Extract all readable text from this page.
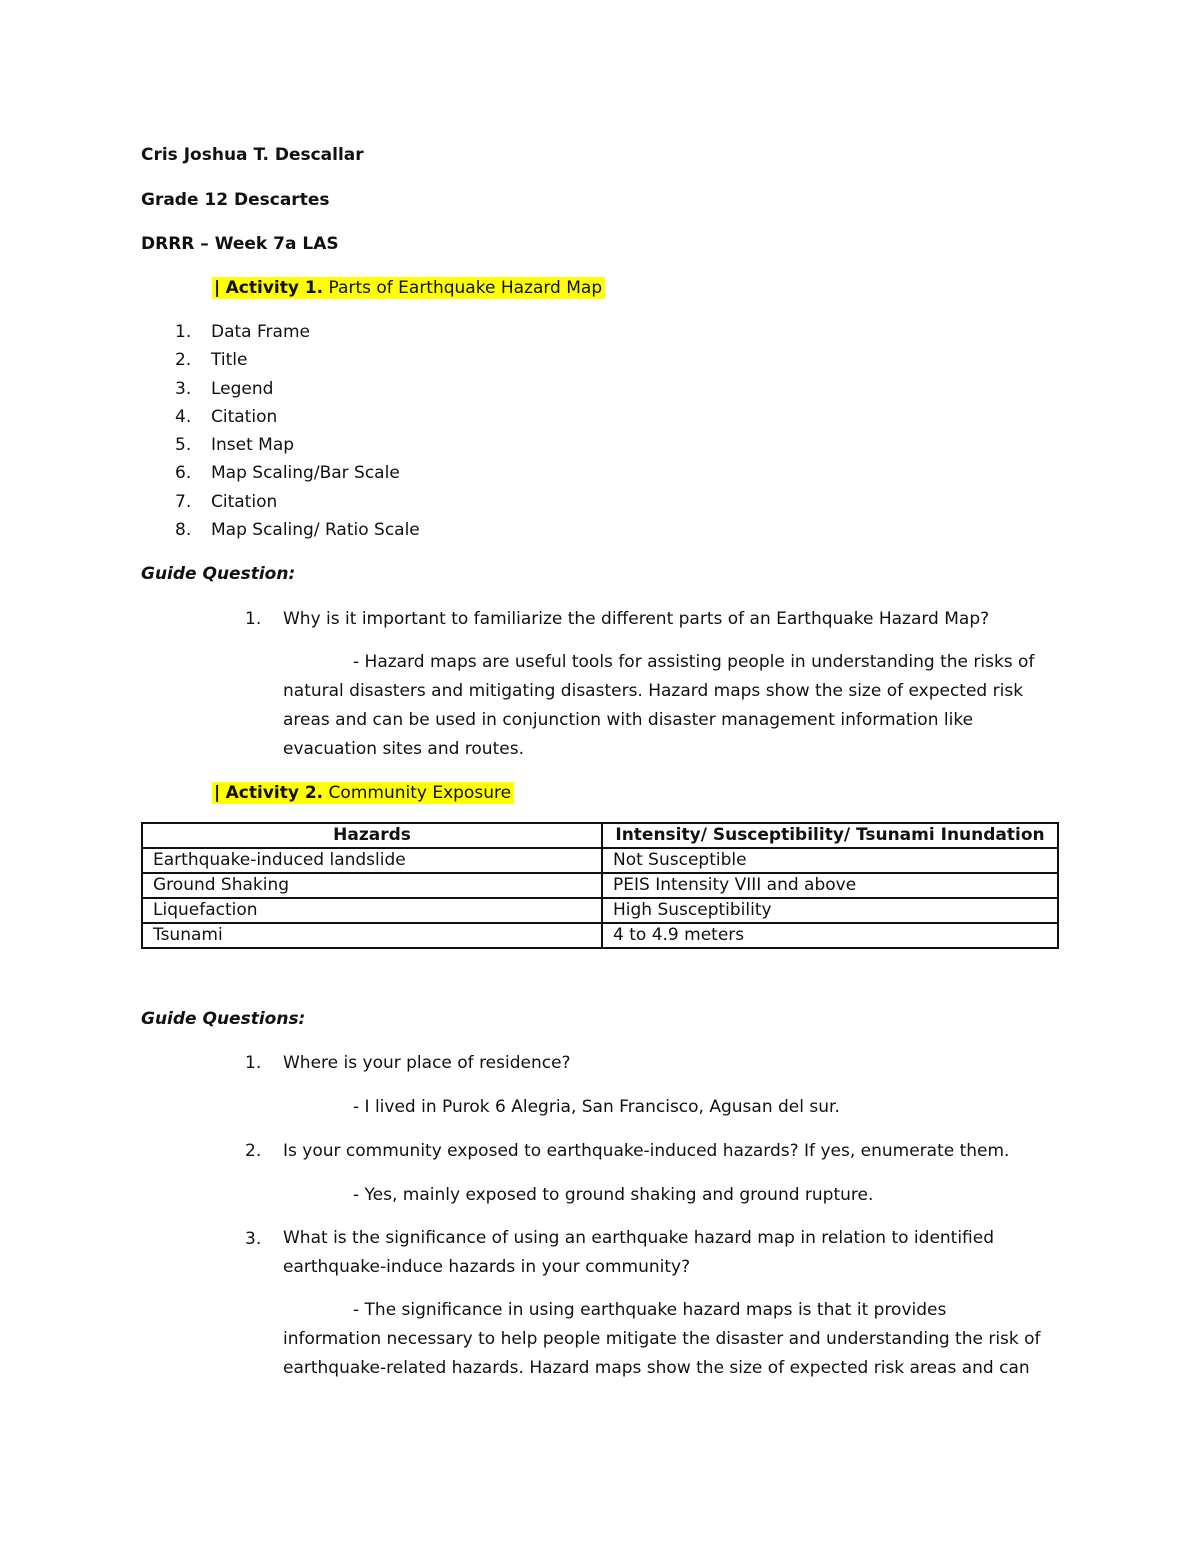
Cris Joshua T. Descallar
Grade 12 Descartes
DRRR – Week 7a LAS
| Activity 1. Parts of Earthquake Hazard Map
1.	Data Frame
2.	Title
3.	Legend
4.	Citation
5.	Inset Map
6.	Map Scaling/Bar Scale
7.	Citation
8.	Map Scaling/ Ratio Scale
Guide Question:
1. Why is it important to familiarize the different parts of an Earthquake Hazard Map?
- Hazard maps are useful tools for assisting people in understanding the risks of
natural disasters and mitigating disasters. Hazard maps show the size of expected risk
areas and can be used in conjunction with disaster management information like
evacuation sites and routes.
| Activity 2. Community Exposure
Hazards	Intensity/ Susceptibility/ Tsunami Inundation
Earthquake-induced landslide	Not Susceptible
Ground Shaking	PEIS Intensity VIII and above
Liquefaction	High Susceptibility
Tsunami	4 to 4.9 meters
Guide Questions:
1. Where is your place of residence?
- I lived in Purok 6 Alegria, San Francisco, Agusan del sur.
2. Is your community exposed to earthquake-induced hazards? If yes, enumerate them.
- Yes, mainly exposed to ground shaking and ground rupture.
3. What is the significance of using an earthquake hazard map in relation to identified
earthquake-induce hazards in your community?
- The significance in using earthquake hazard maps is that it provides
information necessary to help people mitigate the disaster and understanding the risk of
earthquake-related hazards. Hazard maps show the size of expected risk areas and can
